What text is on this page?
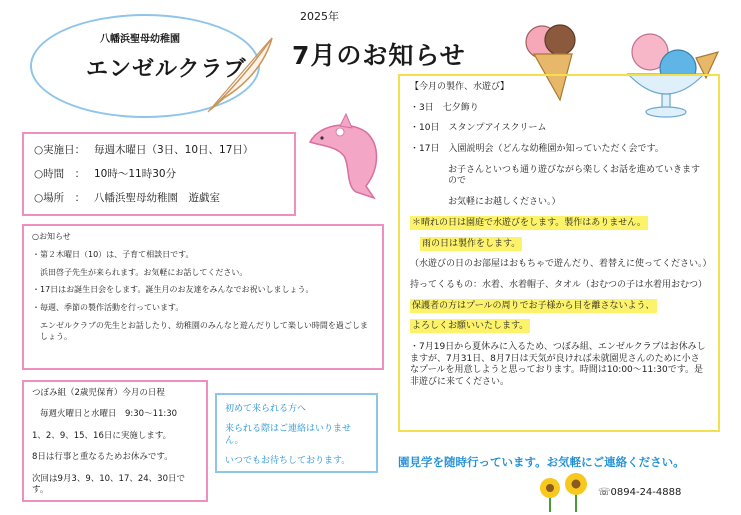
2025年
八幡浜聖母幼稚園
エンゼルクラブ 7月のお知らせ
○実施日： 毎週木曜日（3日、10日、17日）
○時間　： 10時〜11時30分
○場所　： 八幡浜聖母幼稚園　遊戯室

○お知らせ

・第２木曜日（10）は、子育て相談日です。

浜田啓子先生が来られます。お気軽にお話してください。

・17日はお誕生日会をします。誕生月のお友達をみんなでお祝いしましょう。

・毎週、季節の製作活動を行っています。

エンゼルクラブの先生とお話したり、幼稚園のみんなと遊んだりして楽しい時間を過ごしましょう。

つぼみ組（2歳児保育）今月の日程

毎週火曜日と水曜日　9:30〜11:30

1、2、9、15、16日に実施します。

8日は行事と重なるためお休みです。

次回は9月3、9、10、17、24、30日です。

初めて来られる方へ

来られる際はご連絡はいりません。

いつでもお待ちしております。

【今月の製作、水遊び】

・3日　七夕飾り

・10日　スタンプアイスクリーム

・17日　入園説明会（どんな幼稚園か知っていただく会です。

お子さんといつも通り遊びながら楽しくお話を進めていきますので

お気軽にお越しください。）

＊晴れの日は園庭で水遊びをします。製作はありません。

雨の日は製作をします。

（水遊びの日のお部屋はおもちゃで遊んだり、着替えに使ってください。）

持ってくるもの：水着、水着帽子、タオル（おむつの子は水着用おむつ）

保護者の方はプールの周りでお子様から目を離さないよう、

よろしくお願いいたします。

・7月19日から夏休みに入るため、つぼみ組、エンゼルクラブはお休みしますが、7月31日、8月7日は天気が良ければ未就園児さんのために小さなプールを用意しようと思っております。時間は10:00〜11:30です。是非遊びに来てください。

園見学を随時行っています。お気軽にご連絡ください。
☏0894-24-4888
